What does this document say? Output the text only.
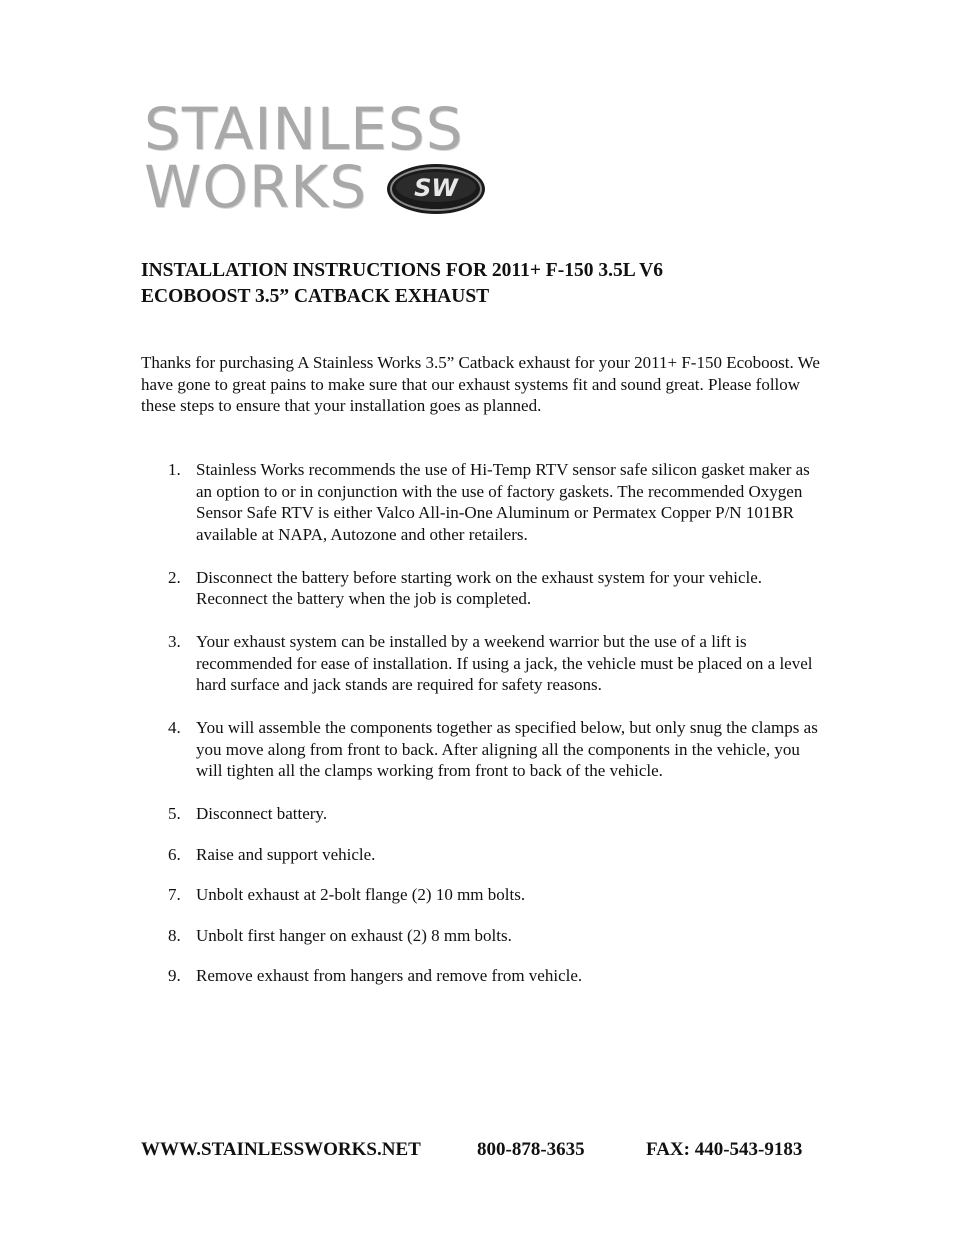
STAINLESS
WORKS SW
INSTALLATION INSTRUCTIONS FOR 2011+ F-150 3.5L V6
ECOBOOST 3.5” CATBACK EXHAUST
Thanks for purchasing A Stainless Works 3.5” Catback exhaust for your 2011+ F-150 Ecoboost. We have gone to great pains to make sure that our exhaust systems fit and sound great. Please follow these steps to ensure that your installation goes as planned.
1. Stainless Works recommends the use of Hi-Temp RTV sensor safe silicon gasket maker as an option to or in conjunction with the use of factory gaskets. The recommended Oxygen Sensor Safe RTV is either Valco All-in-One Aluminum or Permatex Copper P/N 101BR available at NAPA, Autozone and other retailers.
2. Disconnect the battery before starting work on the exhaust system for your vehicle. Reconnect the battery when the job is completed.
3. Your exhaust system can be installed by a weekend warrior but the use of a lift is recommended for ease of installation. If using a jack, the vehicle must be placed on a level hard surface and jack stands are required for safety reasons.
4. You will assemble the components together as specified below, but only snug the clamps as you move along from front to back. After aligning all the components in the vehicle, you will tighten all the clamps working from front to back of the vehicle.
5. Disconnect battery.
6. Raise and support vehicle.
7. Unbolt exhaust at 2-bolt flange (2) 10 mm bolts.
8. Unbolt first hanger on exhaust (2) 8 mm bolts.
9. Remove exhaust from hangers and remove from vehicle.
WWW.STAINLESSWORKS.NET	800-878-3635	FAX: 440-543-9183
